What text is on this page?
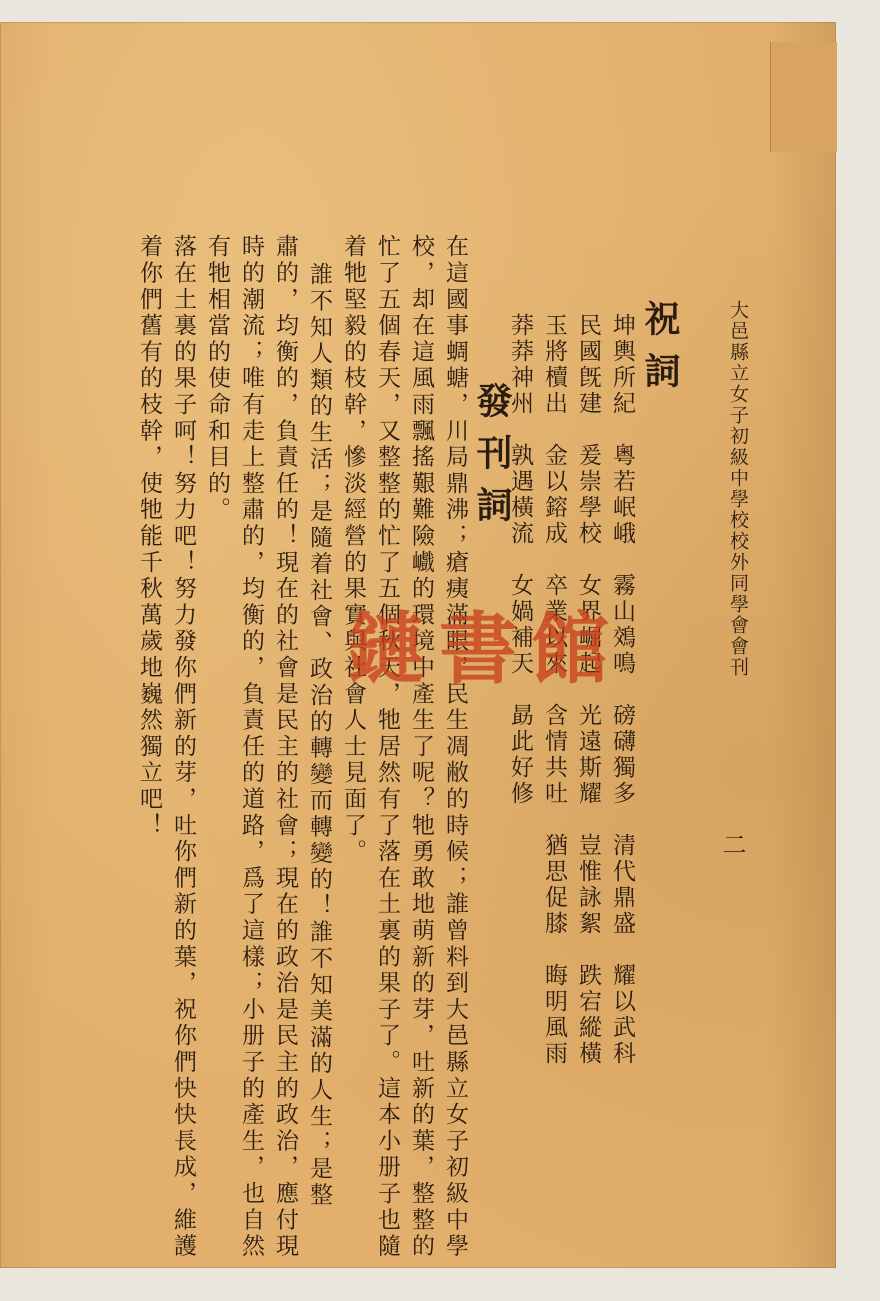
大邑縣立女子初級中學校校外同學會會刊
二
祝詞
坤輿所紀　粵若岷峨　霧山鵁鳴　磅礴獨多　清代鼎盛　耀以武科
民國旣建　爰崇學校　女界崛起　光遠斯耀　豈惟詠絮　跌宕縱橫
玉將櫝出　金以鎔成　卒業以來　含情共吐　猶思促膝　晦明風雨
莽莽神州　孰遇橫流　女媧補天　勗此好修
發刊詞
在這國事蜩螗，川局鼎沸；瘡痍滿眼，民生凋敝的時候；誰曾料到大邑縣立女子初級中學
校，却在這風雨飄搖艱難險巇的環境中產生了呢？牠勇敢地萌新的芽，吐新的葉，整整的
忙了五個春天，又整整的忙了五個秋天，牠居然有了落在土裏的果子了。這本小册子也隨
着牠堅毅的枝幹，慘淡經營的果實與社會人士見面了。
誰不知人類的生活；是隨着社會、政治的轉變而轉變的！誰不知美滿的人生；是整
肅的，均衡的，負責任的！現在的社會是民主的社會；現在的政治是民主的政治，應付現
時的潮流；唯有走上整肅的，均衡的，負責任的道路，爲了這樣；小册子的產生，也自然
有牠相當的使命和目的。
落在土裏的果子呵！努力吧！努力發你們新的芽，吐你們新的葉，祝你們快快長成，維護
着你們舊有的枝幹，使牠能千秋萬歲地巍然獨立吧！ 鏈書館
